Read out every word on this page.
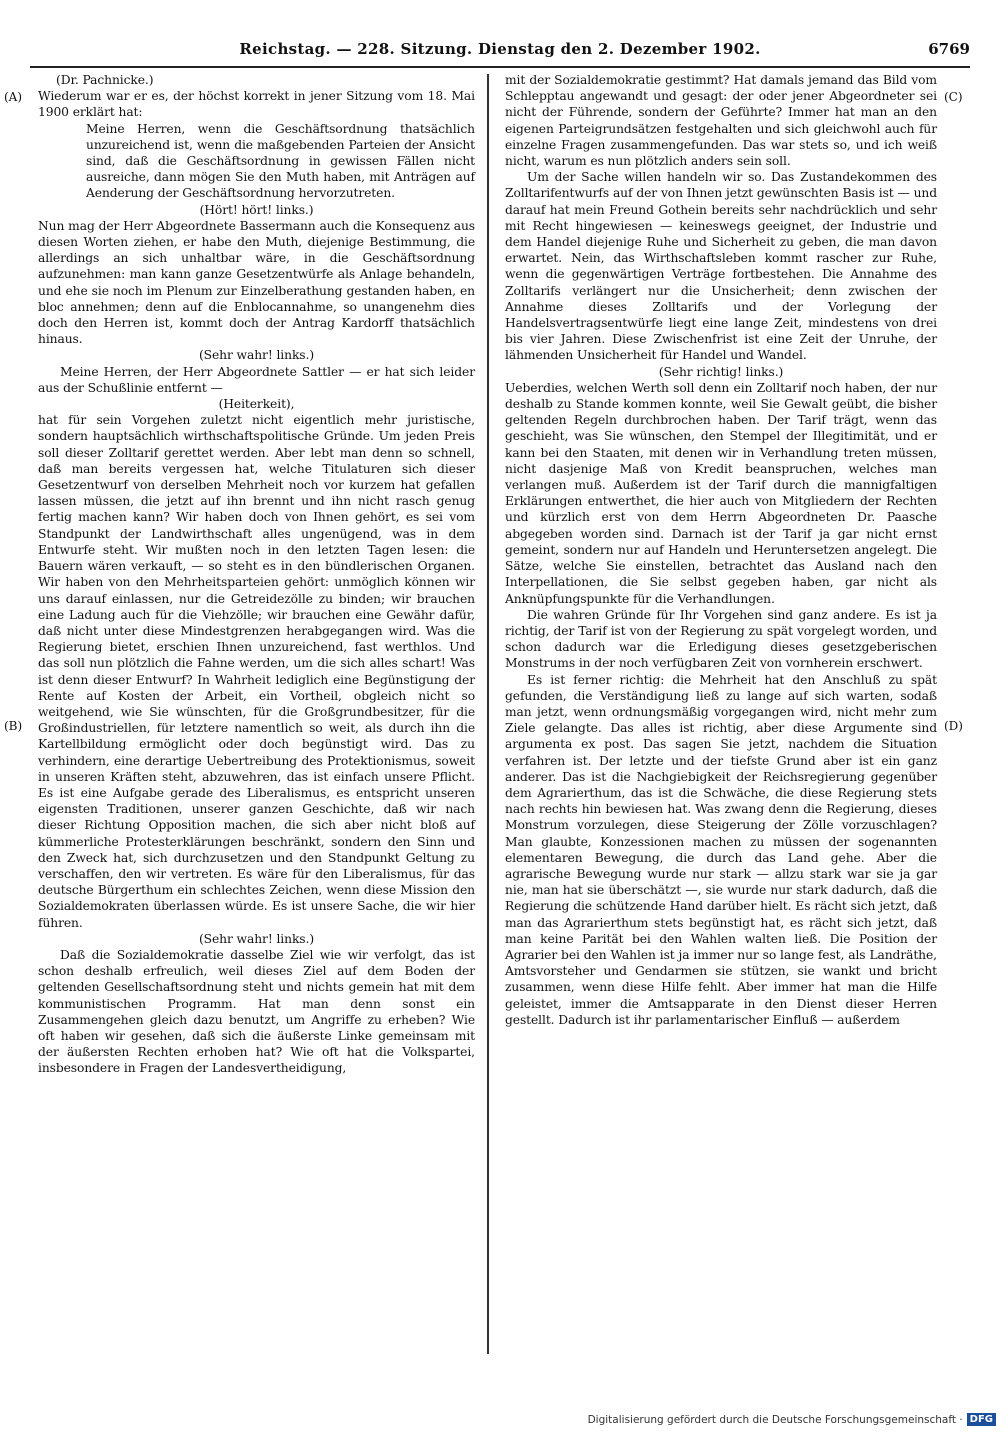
Reichstag. — 228. Sitzung. Dienstag den 2. Dezember 1902.	6769
(A)
(B)
(C)
(D)

(Dr. Pachnicke.)

Wiederum war er es, der höchst korrekt in jener Sitzung vom 18. Mai 1900 erklärt hat:

Meine Herren, wenn die Geschäftsordnung thatsächlich unzureichend ist, wenn die maßgebenden Parteien der Ansicht sind, daß die Geschäftsordnung in gewissen Fällen nicht ausreiche, dann mögen Sie den Muth haben, mit Anträgen auf Aenderung der Geschäftsordnung hervorzutreten.

(Hört! hört! links.)

Nun mag der Herr Abgeordnete Bassermann auch die Konsequenz aus diesen Worten ziehen, er habe den Muth, diejenige Bestimmung, die allerdings an sich unhaltbar wäre, in die Geschäftsordnung aufzunehmen: man kann ganze Gesetzentwürfe als Anlage behandeln, und ehe sie noch im Plenum zur Einzelberathung gestanden haben, en bloc annehmen; denn auf die Enblocannahme, so unangenehm dies doch den Herren ist, kommt doch der Antrag Kardorff thatsächlich hinaus.

(Sehr wahr! links.)

Meine Herren, der Herr Abgeordnete Sattler — er hat sich leider aus der Schußlinie entfernt —

(Heiterkeit),

hat für sein Vorgehen zuletzt nicht eigentlich mehr juristische, sondern hauptsächlich wirthschaftspolitische Gründe. Um jeden Preis soll dieser Zolltarif gerettet werden. Aber lebt man denn so schnell, daß man bereits vergessen hat, welche Titulaturen sich dieser Gesetzentwurf von derselben Mehrheit noch vor kurzem hat gefallen lassen müssen, die jetzt auf ihn brennt und ihn nicht rasch genug fertig machen kann? Wir haben doch von Ihnen gehört, es sei vom Standpunkt der Landwirthschaft alles ungenügend, was in dem Entwurfe steht. Wir mußten noch in den letzten Tagen lesen: die Bauern wären verkauft, — so steht es in den bündlerischen Organen. Wir haben von den Mehrheitsparteien gehört: unmöglich können wir uns darauf einlassen, nur die Getreidezölle zu binden; wir brauchen eine Ladung auch für die Viehzölle; wir brauchen eine Gewähr dafür, daß nicht unter diese Mindestgrenzen herabgegangen wird. Was die Regierung bietet, erschien Ihnen unzureichend, fast werthlos. Und das soll nun plötzlich die Fahne werden, um die sich alles schart! Was ist denn dieser Entwurf? In Wahrheit lediglich eine Begünstigung der Rente auf Kosten der Arbeit, ein Vortheil, obgleich nicht so weitgehend, wie Sie wünschten, für die Großgrundbesitzer, für die Großindustriellen, für letztere namentlich so weit, als durch ihn die Kartellbildung ermöglicht oder doch begünstigt wird. Das zu verhindern, eine derartige Uebertreibung des Protektionismus, soweit in unseren Kräften steht, abzuwehren, das ist einfach unsere Pflicht. Es ist eine Aufgabe gerade des Liberalismus, es entspricht unseren eigensten Traditionen, unserer ganzen Geschichte, daß wir nach dieser Richtung Opposition machen, die sich aber nicht bloß auf kümmerliche Protesterklärungen beschränkt, sondern den Sinn und den Zweck hat, sich durchzusetzen und den Standpunkt Geltung zu verschaffen, den wir vertreten. Es wäre für den Liberalismus, für das deutsche Bürgerthum ein schlechtes Zeichen, wenn diese Mission den Sozialdemokraten überlassen würde. Es ist unsere Sache, die wir hier führen.

(Sehr wahr! links.)

Daß die Sozialdemokratie dasselbe Ziel wie wir verfolgt, das ist schon deshalb erfreulich, weil dieses Ziel auf dem Boden der geltenden Gesellschaftsordnung steht und nichts gemein hat mit dem kommunistischen Programm. Hat man denn sonst ein Zusammengehen gleich dazu benutzt, um Angriffe zu erheben? Wie oft haben wir gesehen, daß sich die äußerste Linke gemeinsam mit der äußersten Rechten erhoben hat? Wie oft hat die Volkspartei, insbesondere in Fragen der Landesvertheidigung,

mit der Sozialdemokratie gestimmt? Hat damals jemand das Bild vom Schlepptau angewandt und gesagt: der oder jener Abgeordneter sei nicht der Führende, sondern der Geführte? Immer hat man an den eigenen Parteigrundsätzen festgehalten und sich gleichwohl auch für einzelne Fragen zusammengefunden. Das war stets so, und ich weiß nicht, warum es nun plötzlich anders sein soll.

Um der Sache willen handeln wir so. Das Zustandekommen des Zolltarifentwurfs auf der von Ihnen jetzt gewünschten Basis ist — und darauf hat mein Freund Gothein bereits sehr nachdrücklich und sehr mit Recht hingewiesen — keineswegs geeignet, der Industrie und dem Handel diejenige Ruhe und Sicherheit zu geben, die man davon erwartet. Nein, das Wirthschaftsleben kommt rascher zur Ruhe, wenn die gegenwärtigen Verträge fortbestehen. Die Annahme des Zolltarifs verlängert nur die Unsicherheit; denn zwischen der Annahme dieses Zolltarifs und der Vorlegung der Handelsvertragsentwürfe liegt eine lange Zeit, mindestens von drei bis vier Jahren. Diese Zwischenfrist ist eine Zeit der Unruhe, der lähmenden Unsicherheit für Handel und Wandel.

(Sehr richtig! links.)

Ueberdies, welchen Werth soll denn ein Zolltarif noch haben, der nur deshalb zu Stande kommen konnte, weil Sie Gewalt geübt, die bisher geltenden Regeln durchbrochen haben. Der Tarif trägt, wenn das geschieht, was Sie wünschen, den Stempel der Illegitimität, und er kann bei den Staaten, mit denen wir in Verhandlung treten müssen, nicht dasjenige Maß von Kredit beanspruchen, welches man verlangen muß. Außerdem ist der Tarif durch die mannigfaltigen Erklärungen entwerthet, die hier auch von Mitgliedern der Rechten und kürzlich erst von dem Herrn Abgeordneten Dr. Paasche abgegeben worden sind. Darnach ist der Tarif ja gar nicht ernst gemeint, sondern nur auf Handeln und Heruntersetzen angelegt. Die Sätze, welche Sie einstellen, betrachtet das Ausland nach den Interpellationen, die Sie selbst gegeben haben, gar nicht als Anknüpfungspunkte für die Verhandlungen.

Die wahren Gründe für Ihr Vorgehen sind ganz andere. Es ist ja richtig, der Tarif ist von der Regierung zu spät vorgelegt worden, und schon dadurch war die Erledigung dieses gesetzgeberischen Monstrums in der noch verfügbaren Zeit von vornherein erschwert.

Es ist ferner richtig: die Mehrheit hat den Anschluß zu spät gefunden, die Verständigung ließ zu lange auf sich warten, sodaß man jetzt, wenn ordnungsmäßig vorgegangen wird, nicht mehr zum Ziele gelangte. Das alles ist richtig, aber diese Argumente sind argumenta ex post. Das sagen Sie jetzt, nachdem die Situation verfahren ist. Der letzte und der tiefste Grund aber ist ein ganz anderer. Das ist die Nachgiebigkeit der Reichsregierung gegenüber dem Agrarierthum, das ist die Schwäche, die diese Regierung stets nach rechts hin bewiesen hat. Was zwang denn die Regierung, dieses Monstrum vorzulegen, diese Steigerung der Zölle vorzuschlagen? Man glaubte, Konzessionen machen zu müssen der sogenannten elementaren Bewegung, die durch das Land gehe. Aber die agrarische Bewegung wurde nur stark — allzu stark war sie ja gar nie, man hat sie überschätzt —, sie wurde nur stark dadurch, daß die Regierung die schützende Hand darüber hielt. Es rächt sich jetzt, daß man das Agrarierthum stets begünstigt hat, es rächt sich jetzt, daß man keine Parität bei den Wahlen walten ließ. Die Position der Agrarier bei den Wahlen ist ja immer nur so lange fest, als Landräthe, Amtsvorsteher und Gendarmen sie stützen, sie wankt und bricht zusammen, wenn diese Hilfe fehlt. Aber immer hat man die Hilfe geleistet, immer die Amtsapparate in den Dienst dieser Herren gestellt. Dadurch ist ihr parlamentarischer Einfluß — außerdem

Digitalisierung gefördert durch die Deutsche Forschungsgemeinschaft · DFG
